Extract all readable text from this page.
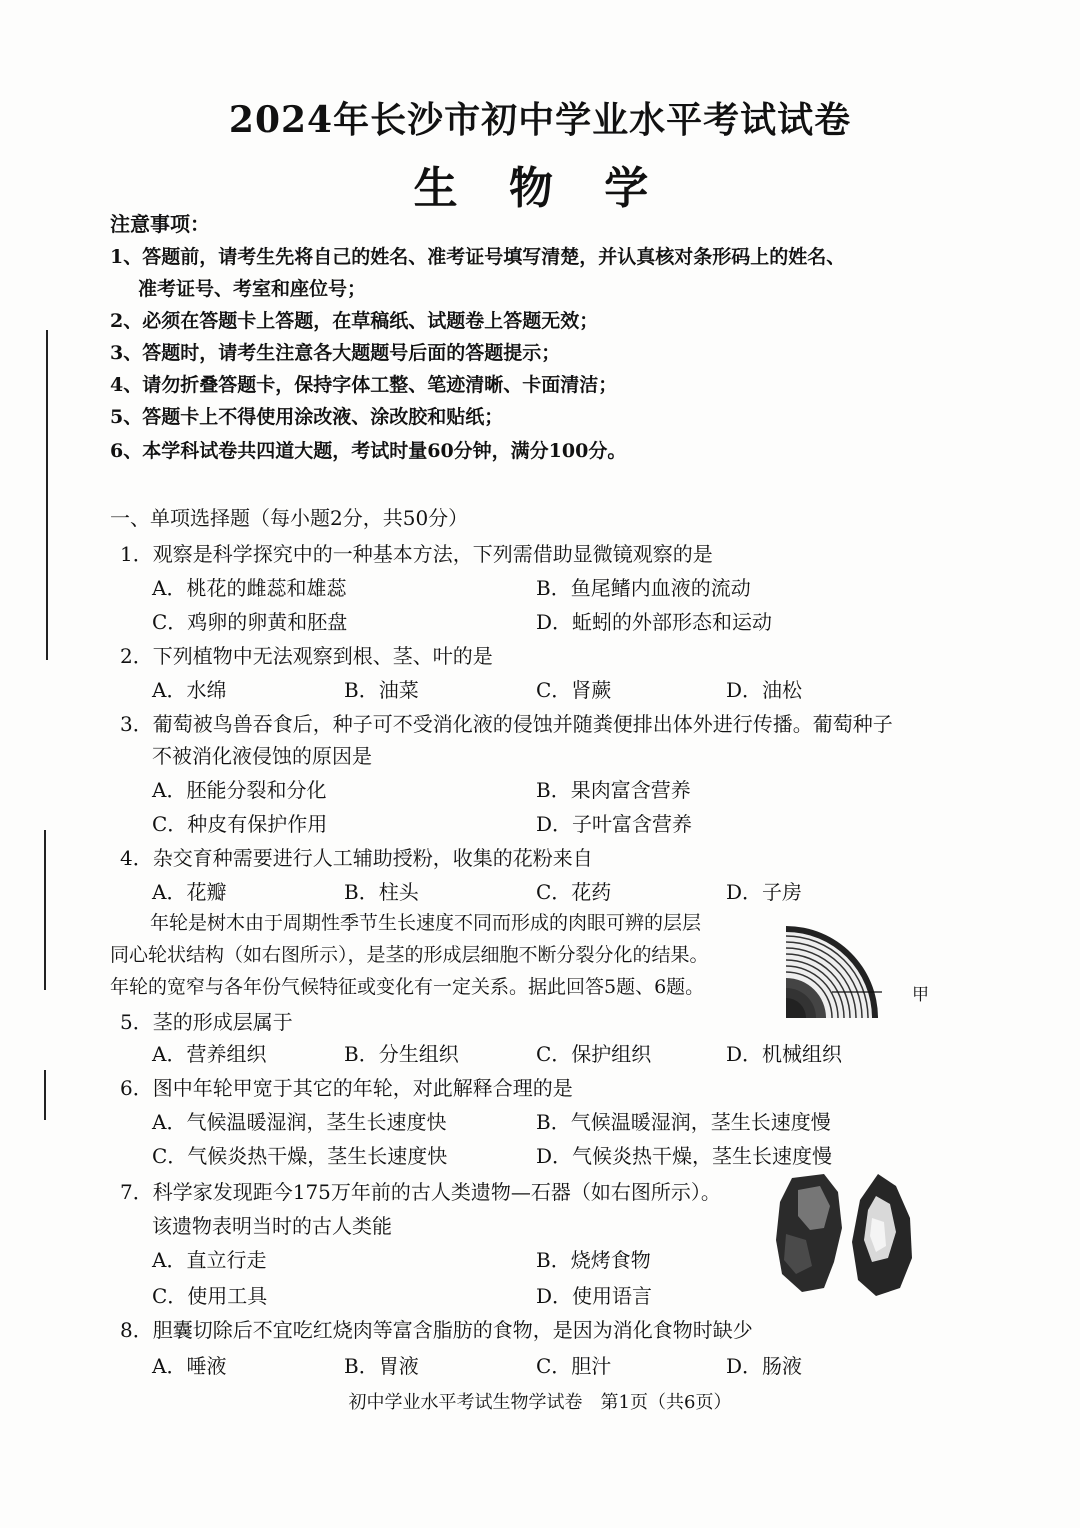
2024年长沙市初中学业水平考试试卷
生 物 学
注意事项：
1、答题前，请考生先将自己的姓名、准考证号填写清楚，并认真核对条形码上的姓名、
准考证号、考室和座位号；
2、必须在答题卡上答题，在草稿纸、试题卷上答题无效；
3、答题时，请考生注意各大题题号后面的答题提示；
4、请勿折叠答题卡，保持字体工整、笔迹清晰、卡面清洁；
5、答题卡上不得使用涂改液、涂改胶和贴纸；
6、本学科试卷共四道大题，考试时量60分钟，满分100分。
一、单项选择题（每小题2分，共50分）
1．观察是科学探究中的一种基本方法，下列需借助显微镜观察的是
A．桃花的雌蕊和雄蕊	B．鱼尾鳍内血液的流动
C．鸡卵的卵黄和胚盘	D．蚯蚓的外部形态和运动
2．下列植物中无法观察到根、茎、叶的是
A．水绵	B．油菜	C．肾蕨	D．油松
3．葡萄被鸟兽吞食后，种子可不受消化液的侵蚀并随粪便排出体外进行传播。葡萄种子
不被消化液侵蚀的原因是
A．胚能分裂和分化	B．果肉富含营养
C．种皮有保护作用	D．子叶富含营养
4．杂交育种需要进行人工辅助授粉，收集的花粉来自
A．花瓣	B．柱头	C．花药	D．子房
年轮是树木由于周期性季节生长速度不同而形成的肉眼可辨的层层
同心轮状结构（如右图所示），是茎的形成层细胞不断分裂分化的结果。
年轮的宽窄与各年份气候特征或变化有一定关系。据此回答5题、6题。	甲
5．茎的形成层属于
A．营养组织	B．分生组织	C．保护组织	D．机械组织
6．图中年轮甲宽于其它的年轮，对此解释合理的是
A．气候温暖湿润，茎生长速度快	B．气候温暖湿润，茎生长速度慢
C．气候炎热干燥，茎生长速度快	D．气候炎热干燥，茎生长速度慢
7．科学家发现距今175万年前的古人类遗物—石器（如右图所示）。
该遗物表明当时的古人类能
A．直立行走	B．烧烤食物
C．使用工具	D．使用语言
8．胆囊切除后不宜吃红烧肉等富含脂肪的食物，是因为消化食物时缺少
A．唾液	B．胃液	C．胆汁	D．肠液
初中学业水平考试生物学试卷　第1页（共6页）
